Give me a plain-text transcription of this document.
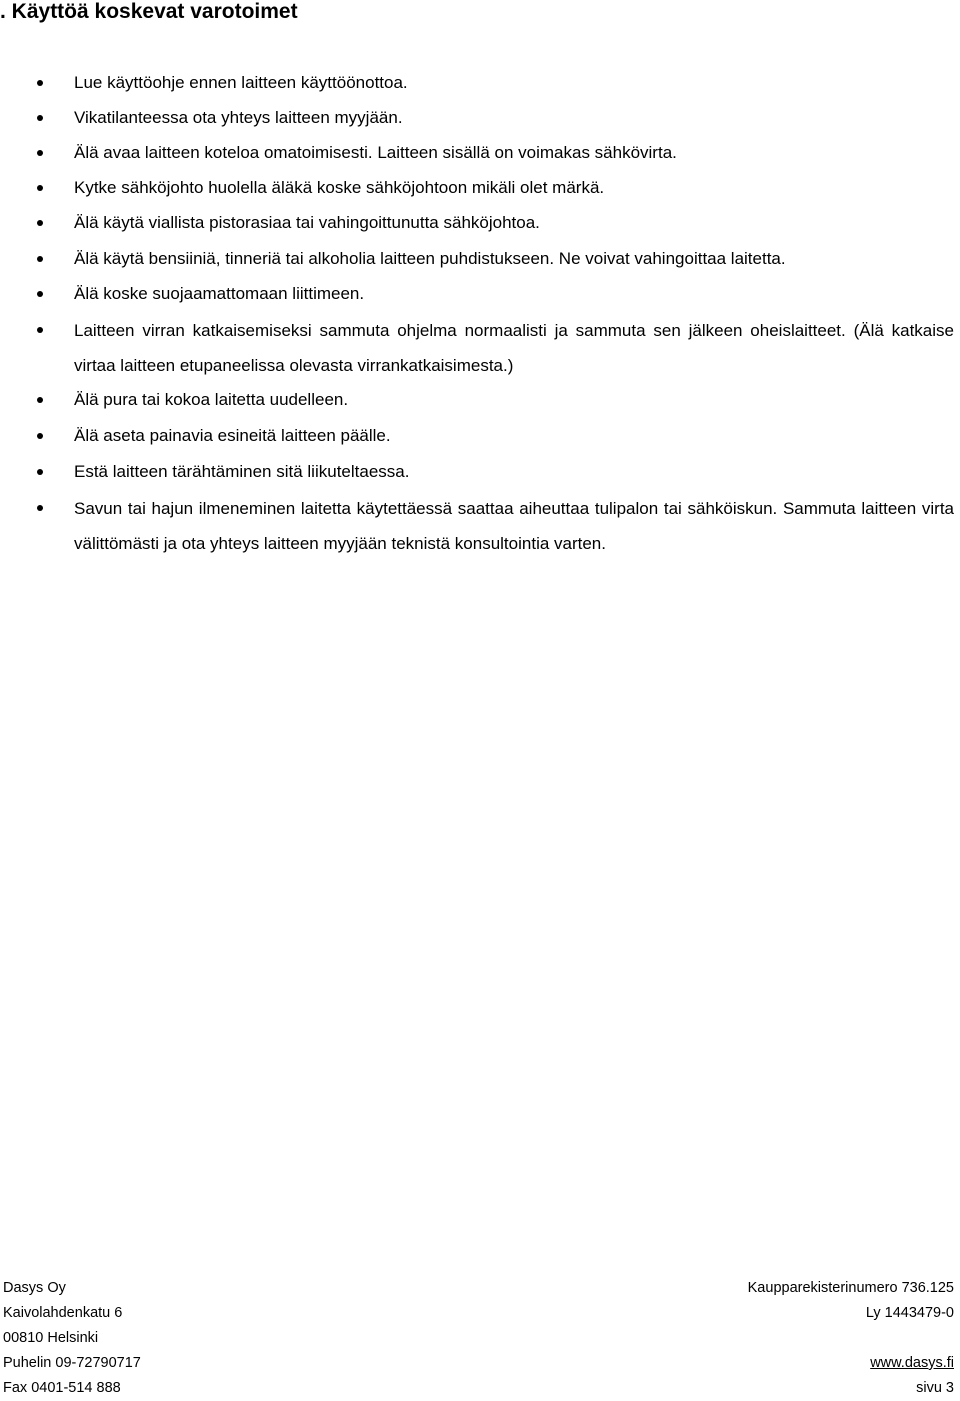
. Käyttöä koskevat varotoimet
Lue käyttöohje ennen laitteen käyttöönottoa.
Vikatilanteessa ota yhteys laitteen myyjään.
Älä avaa laitteen koteloa omatoimisesti. Laitteen sisällä on voimakas sähkövirta.
Kytke sähköjohto huolella äläkä koske sähköjohtoon mikäli olet märkä.
Älä käytä viallista pistorasiaa tai vahingoittunutta sähköjohtoa.
Älä käytä bensiiniä, tinneriä tai alkoholia laitteen puhdistukseen. Ne voivat vahingoittaa laitetta.
Älä koske suojaamattomaan liittimeen.
Laitteen virran katkaisemiseksi sammuta ohjelma normaalisti ja sammuta sen jälkeen oheislaitteet. (Älä katkaise virtaa laitteen etupaneelissa olevasta virrankatkaisimesta.)
Älä pura tai kokoa laitetta uudelleen.
Älä aseta painavia esineitä laitteen päälle.
Estä laitteen tärähtäminen sitä liikuteltaessa.
Savun tai hajun ilmeneminen laitetta käytettäessä saattaa aiheuttaa tulipalon tai sähköiskun. Sammuta laitteen virta välittömästi ja ota yhteys laitteen myyjään teknistä konsultointia varten.
Dasys Oy	Kaupparekisterinumero 736.125
Kaivolahdenkatu 6	Ly 1443479-0
00810 Helsinki
Puhelin 09-72790717	www.dasys.fi
Fax 0401-514 888	sivu 3
